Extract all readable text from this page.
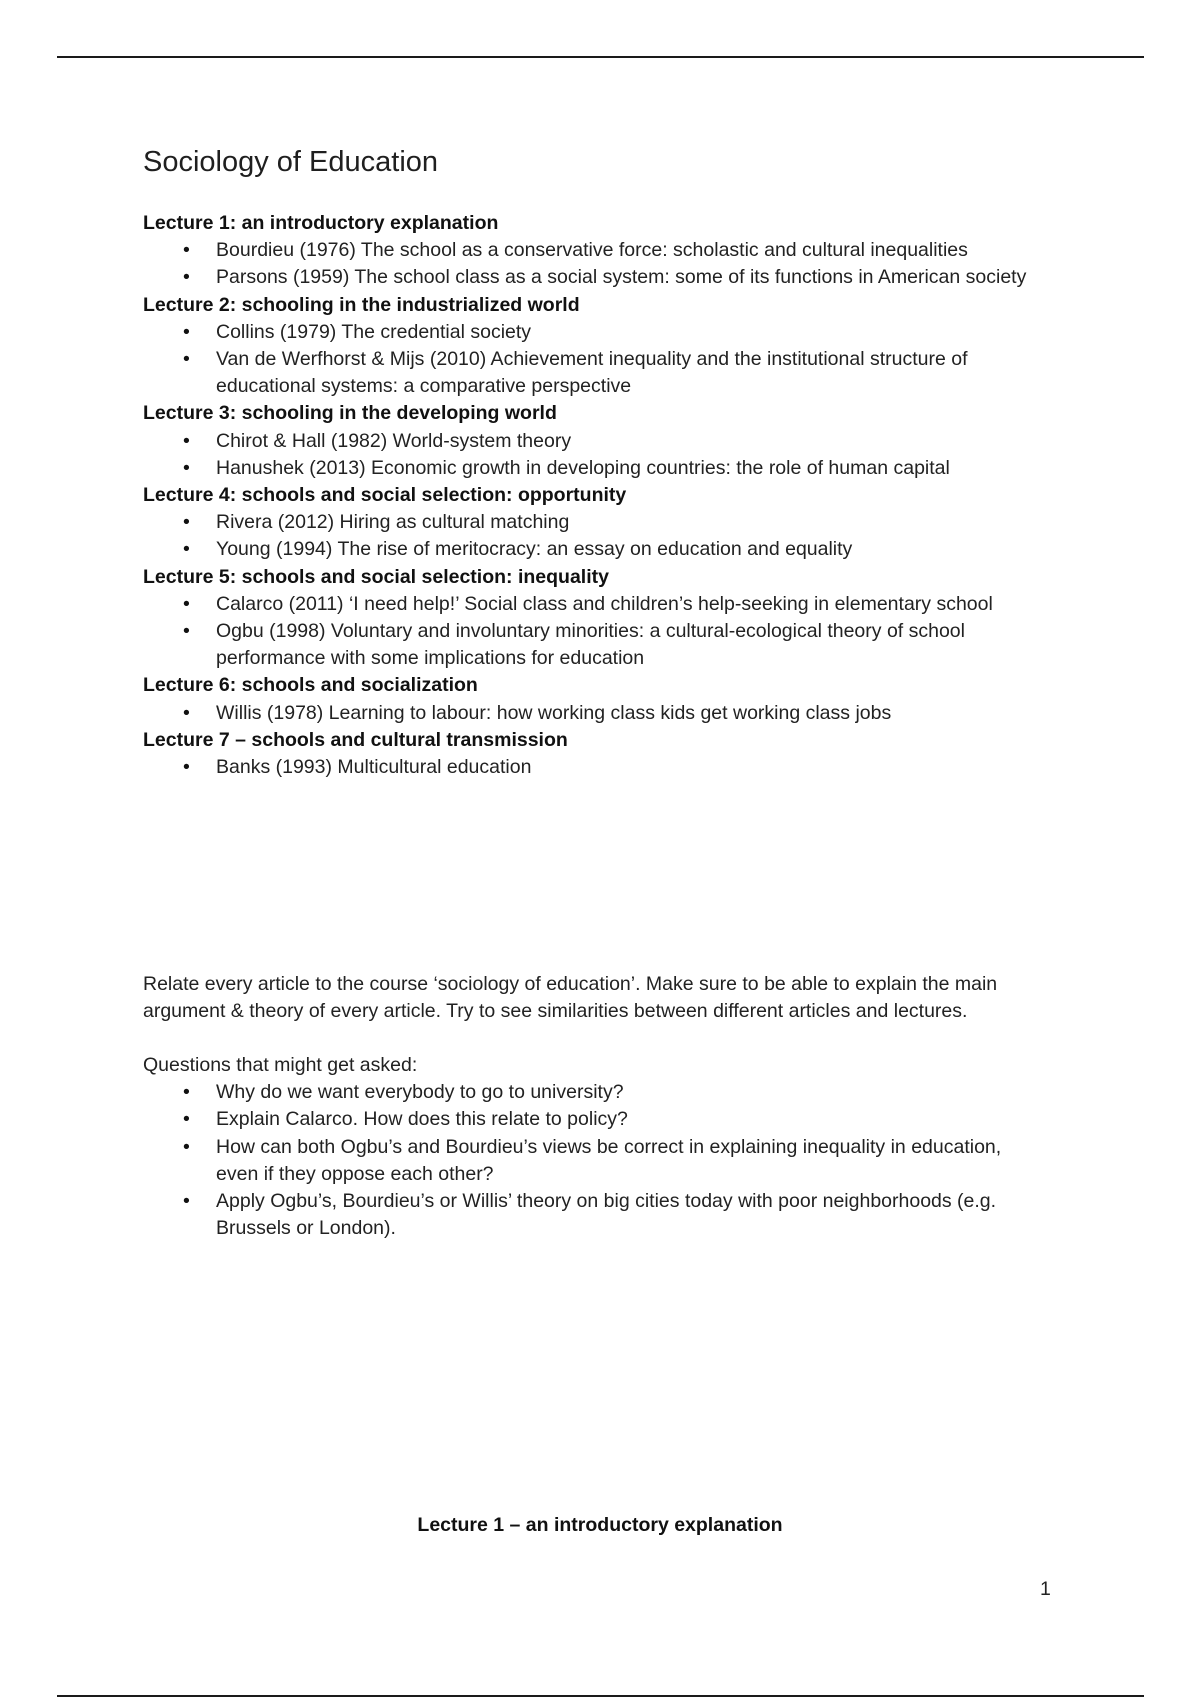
Sociology of Education

Lecture 1: an introductory explanation

• Bourdieu (1976) The school as a conservative force: scholastic and cultural inequalities
• Parsons (1959) The school class as a social system: some of its functions in American society

Lecture 2: schooling in the industrialized world

• Collins (1979) The credential society
• Van de Werfhorst & Mijs (2010) Achievement inequality and the institutional structure of educational systems: a comparative perspective

Lecture 3: schooling in the developing world

• Chirot & Hall (1982) World-system theory
• Hanushek (2013) Economic growth in developing countries: the role of human capital

Lecture 4: schools and social selection: opportunity

• Rivera (2012) Hiring as cultural matching
• Young (1994) The rise of meritocracy: an essay on education and equality

Lecture 5: schools and social selection: inequality

• Calarco (2011) ‘I need help!’ Social class and children’s help-seeking in elementary school
• Ogbu (1998) Voluntary and involuntary minorities: a cultural-ecological theory of school performance with some implications for education

Lecture 6: schools and socialization

• Willis (1978) Learning to labour: how working class kids get working class jobs

Lecture 7 – schools and cultural transmission

• Banks (1993) Multicultural education

Relate every article to the course ‘sociology of education’. Make sure to be able to explain the main argument & theory of every article. Try to see similarities between different articles and lectures.

Questions that might get asked:

• Why do we want everybody to go to university?
• Explain Calarco. How does this relate to policy?
• How can both Ogbu’s and Bourdieu’s views be correct in explaining inequality in education, even if they oppose each other?
• Apply Ogbu’s, Bourdieu’s or Willis’ theory on big cities today with poor neighborhoods (e.g. Brussels or London).

Lecture 1 – an introductory explanation

1
